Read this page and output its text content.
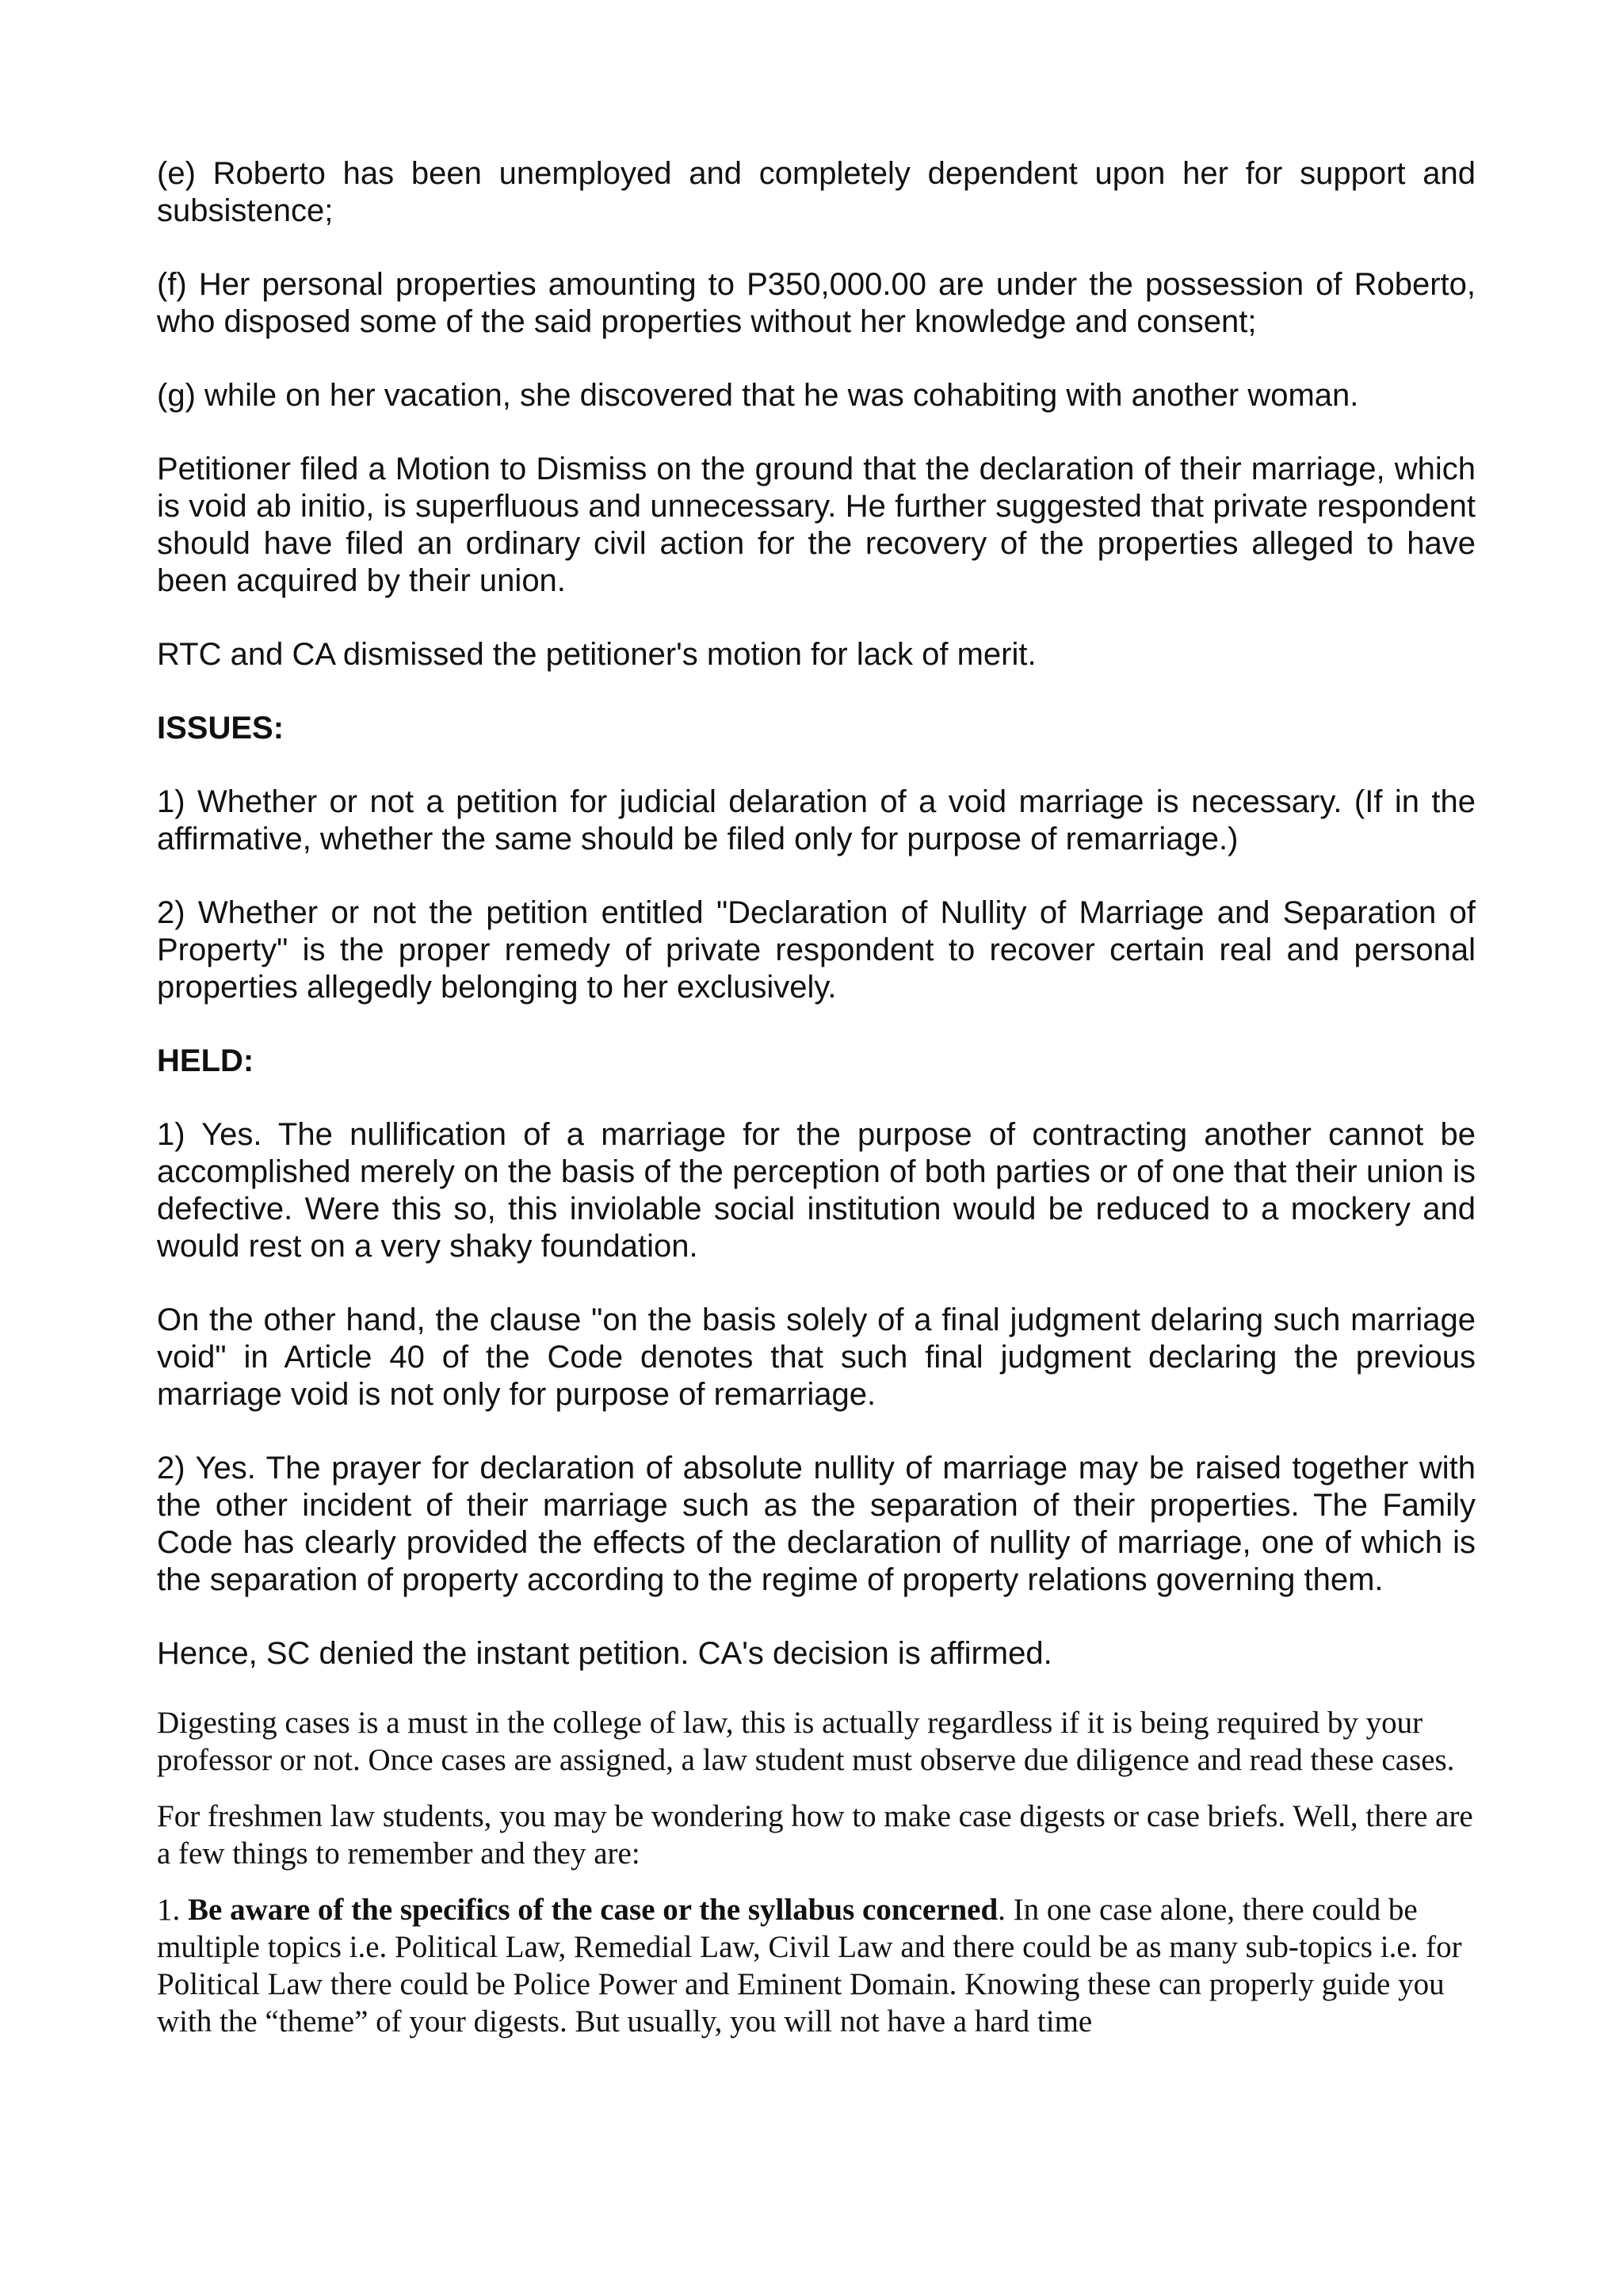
(e) Roberto has been unemployed and completely dependent upon her for support and subsistence;

(f) Her personal properties amounting to P350,000.00 are under the possession of Roberto, who disposed some of the said properties without her knowledge and consent;

(g) while on her vacation, she discovered that he was cohabiting with another woman.

Petitioner filed a Motion to Dismiss on the ground that the declaration of their marriage, which is void ab initio, is superfluous and unnecessary. He further suggested that private respondent should have filed an ordinary civil action for the recovery of the properties alleged to have been acquired by their union.

RTC and CA dismissed the petitioner's motion for lack of merit.

ISSUES:

1) Whether or not a petition for judicial delaration of a void marriage is necessary. (If in the affirmative, whether the same should be filed only for purpose of remarriage.)

2) Whether or not the petition entitled "Declaration of Nullity of Marriage and Separation of Property" is the proper remedy of private respondent to recover certain real and personal properties allegedly belonging to her exclusively.

HELD:

1) Yes. The nullification of a marriage for the purpose of contracting another cannot be accomplished merely on the basis of the perception of both parties or of one that their union is defective. Were this so, this inviolable social institution would be reduced to a mockery and would rest on a very shaky foundation.

On the other hand, the clause "on the basis solely of a final judgment delaring such marriage void" in Article 40 of the Code denotes that such final judgment declaring the previous marriage void is not only for purpose of remarriage.

2) Yes. The prayer for declaration of absolute nullity of marriage may be raised together with the other incident of their marriage such as the separation of their properties. The Family Code has clearly provided the effects of the declaration of nullity of marriage, one of which is the separation of property according to the regime of property relations governing them.

Hence, SC denied the instant petition. CA's decision is affirmed.

Digesting cases is a must in the college of law, this is actually regardless if it is being required by your professor or not. Once cases are assigned, a law student must observe due diligence and read these cases.

For freshmen law students, you may be wondering how to make case digests or case briefs. Well, there are a few things to remember and they are:

1. Be aware of the specifics of the case or the syllabus concerned. In one case alone, there could be multiple topics i.e. Political Law, Remedial Law, Civil Law and there could be as many sub-topics i.e. for Political Law there could be Police Power and Eminent Domain. Knowing these can properly guide you with the “theme” of your digests. But usually, you will not have a hard time
